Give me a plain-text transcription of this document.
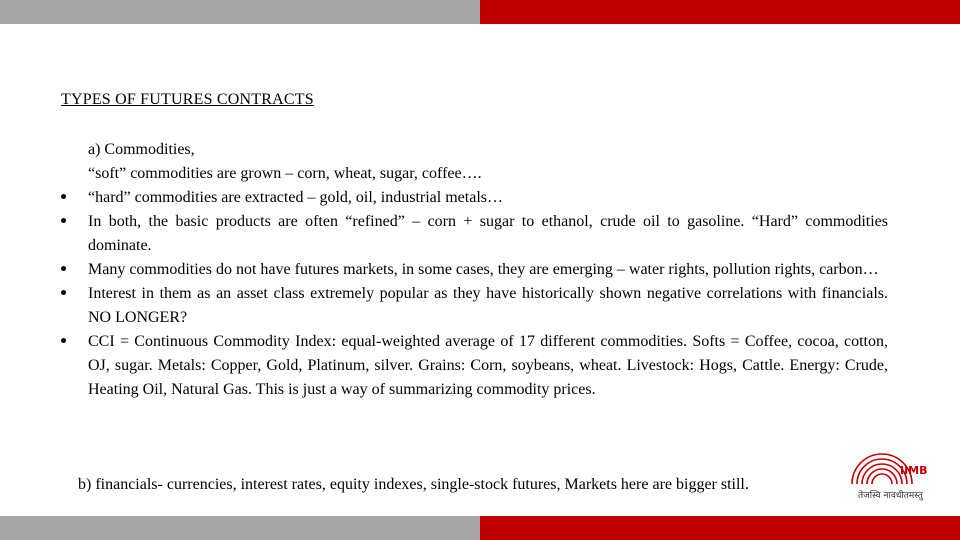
TYPES OF FUTURES CONTRACTS
a) Commodities,
“soft” commodities are grown – corn, wheat, sugar, coffee….
“hard” commodities are extracted – gold, oil, industrial metals…
In both, the basic products are often “refined” – corn + sugar to ethanol, crude oil to gasoline. “Hard” commodities dominate.
Many commodities do not have futures markets, in some cases, they are emerging – water rights, pollution rights, carbon…
Interest in them as an asset class extremely popular as they have historically shown negative correlations with financials. NO LONGER?
CCI = Continuous Commodity Index: equal-weighted average of 17 different commodities. Softs = Coffee, cocoa, cotton, OJ, sugar. Metals: Copper, Gold, Platinum, silver. Grains: Corn, soybeans, wheat. Livestock: Hogs, Cattle. Energy: Crude, Heating Oil, Natural Gas. This is just a way of summarizing commodity prices.
b) financials- currencies, interest rates, equity indexes, single-stock futures, Markets here are bigger still.
IIMB
तेजस्वि नावधीतमस्तु
